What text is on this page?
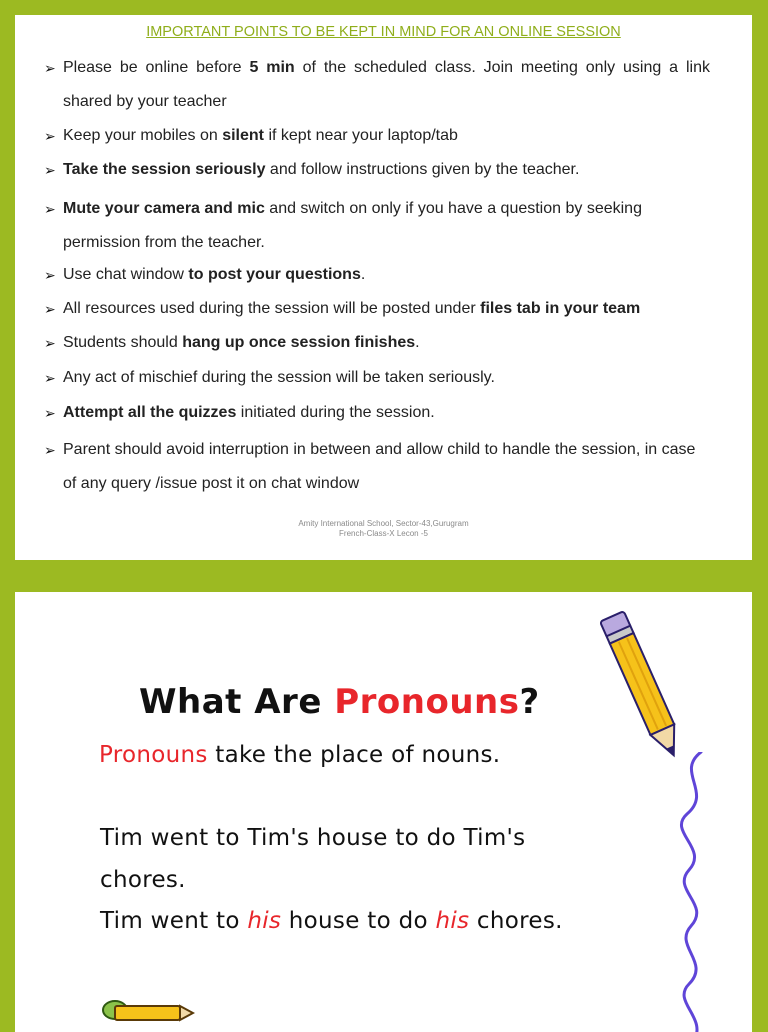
IMPORTANT POINTS TO BE KEPT IN MIND FOR AN ONLINE SESSION
➢ Please be online before 5 min of the scheduled class. Join meeting only using a link shared by your teacher
➢ Keep your mobiles on silent if kept near your laptop/tab
➢ Take the session seriously and follow instructions given by the teacher.
➢ Mute your camera and mic and switch on only if you have a question by seeking permission from the teacher.
➢ Use chat window to post your questions.
➢ All resources used during the session will be posted under files tab in your team
➢ Students should hang up once session finishes.
➢ Any act of mischief during the session will be taken seriously.
➢ Attempt all the quizzes initiated during the session.
➢ Parent should avoid interruption in between and allow child to handle the session, in case of any query /issue post it on chat window
Amity International School, Sector-43,Gurugram
French-Class-X Lecon -5
What Are Pronouns?
Pronouns take the place of nouns.
Tim went to Tim's house to do Tim's
chores.
Tim went to his house to do his chores.
